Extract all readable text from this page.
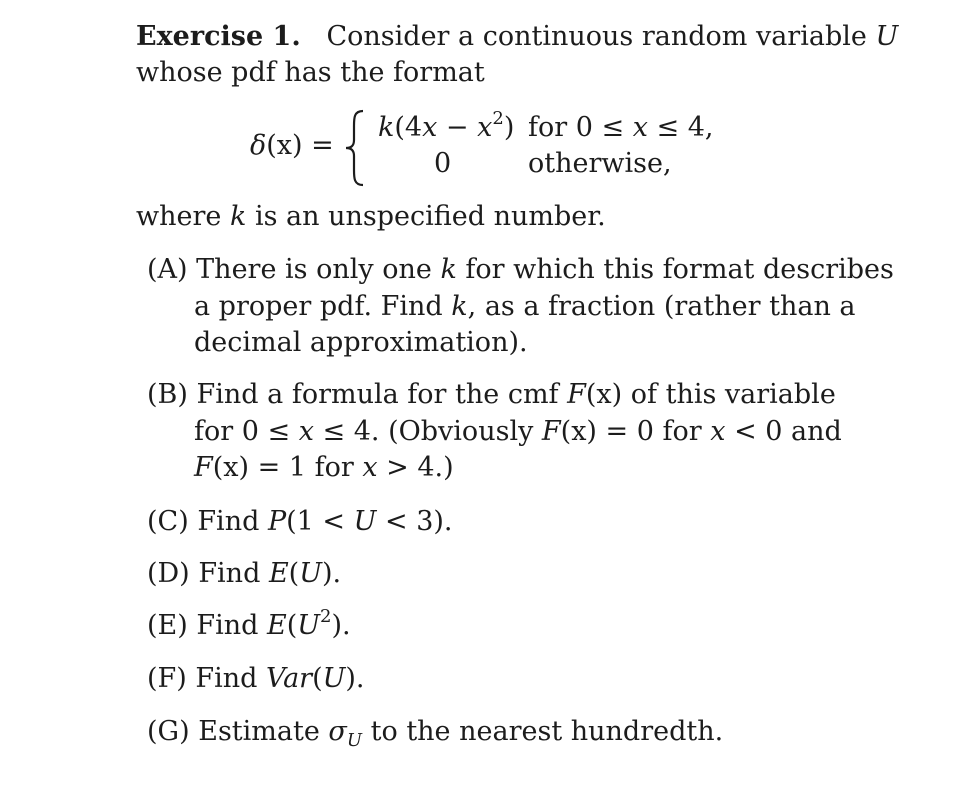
Exercise 1. Consider a continuous random variable U
whose pdf has the format
δ(x) =
$k(4x - x^2)$ for 0 ≤ x ≤ 4,
0	otherwise,
where k is an unspecified number.
(A) There is only one k for which this format describes
a proper pdf. Find k, as a fraction (rather than a
decimal approximation).
(B) Find a formula for the cmf F(x) of this variable
for 0 ≤ x ≤ 4. (Obviously F(x) = 0 for x < 0 and
F(x) = 1 for x > 4.)
(C) Find P(1 < U < 3).
(D) Find E(U).
(E) Find $E(U^2)$.
(F) Find Var(U).
(G) Estimate $\sigma_U$ to the nearest hundredth.
